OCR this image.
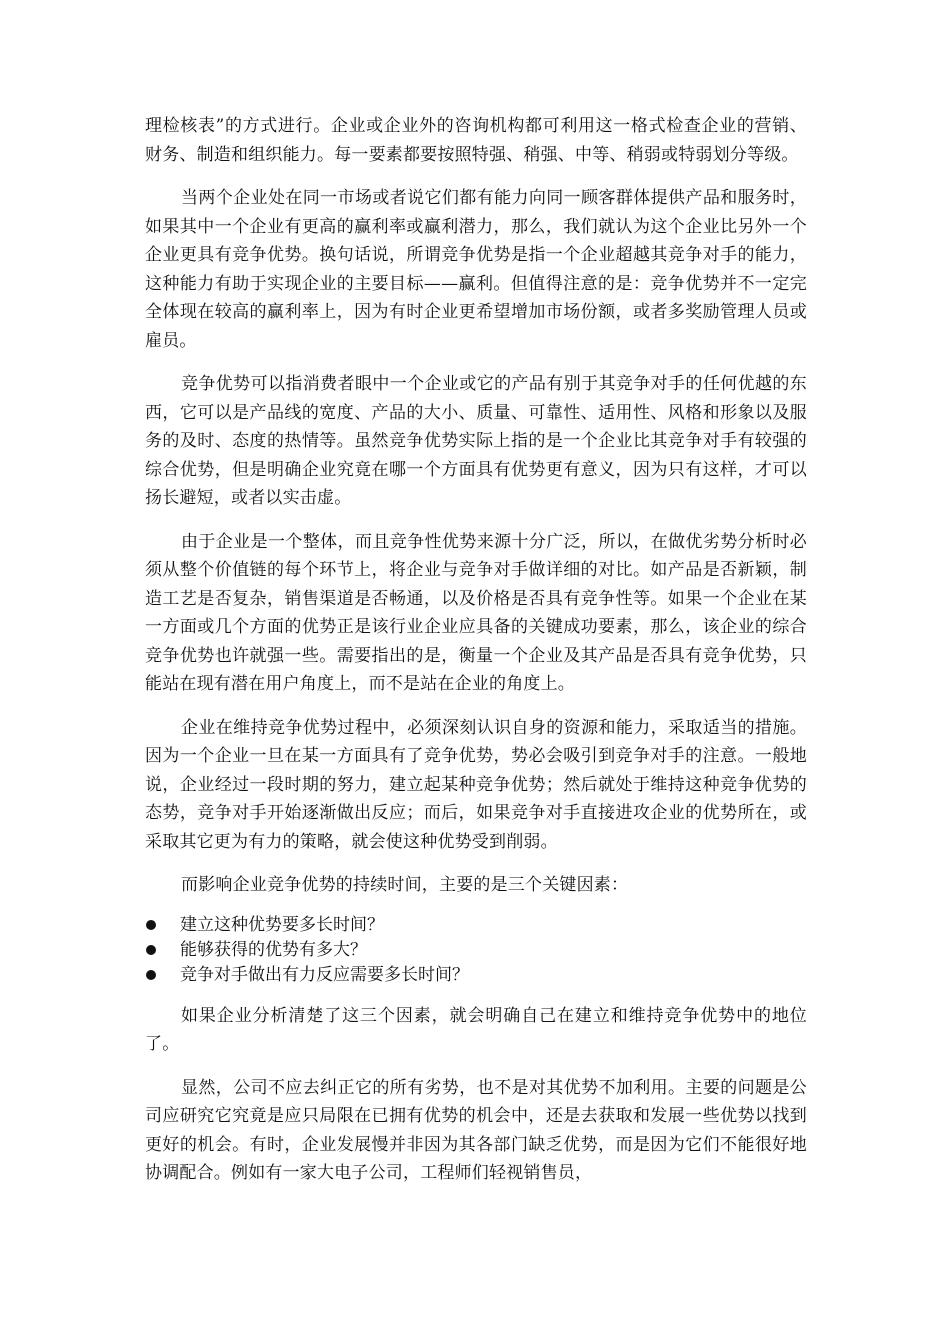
理检核表”的方式进行。企业或企业外的咨询机构都可利用这一格式检查企业的营销、财务、制造和组织能力。每一要素都要按照特强、稍强、中等、稍弱或特弱划分等级。

当两个企业处在同一市场或者说它们都有能力向同一顾客群体提供产品和服务时，如果其中一个企业有更高的赢利率或赢利潜力，那么，我们就认为这个企业比另外一个企业更具有竞争优势。换句话说，所谓竞争优势是指一个企业超越其竞争对手的能力，这种能力有助于实现企业的主要目标——赢利。但值得注意的是：竞争优势并不一定完全体现在较高的赢利率上，因为有时企业更希望增加市场份额，或者多奖励管理人员或雇员。

竞争优势可以指消费者眼中一个企业或它的产品有别于其竞争对手的任何优越的东西，它可以是产品线的宽度、产品的大小、质量、可靠性、适用性、风格和形象以及服务的及时、态度的热情等。虽然竞争优势实际上指的是一个企业比其竞争对手有较强的综合优势，但是明确企业究竟在哪一个方面具有优势更有意义，因为只有这样，才可以扬长避短，或者以实击虚。

由于企业是一个整体，而且竞争性优势来源十分广泛，所以，在做优劣势分析时必须从整个价值链的每个环节上，将企业与竞争对手做详细的对比。如产品是否新颖，制造工艺是否复杂，销售渠道是否畅通，以及价格是否具有竞争性等。如果一个企业在某一方面或几个方面的优势正是该行业企业应具备的关键成功要素，那么，该企业的综合竞争优势也许就强一些。需要指出的是，衡量一个企业及其产品是否具有竞争优势，只能站在现有潜在用户角度上，而不是站在企业的角度上。

企业在维持竞争优势过程中，必须深刻认识自身的资源和能力，采取适当的措施。因为一个企业一旦在某一方面具有了竞争优势，势必会吸引到竞争对手的注意。一般地说，企业经过一段时期的努力，建立起某种竞争优势；然后就处于维持这种竞争优势的态势，竞争对手开始逐渐做出反应；而后，如果竞争对手直接进攻企业的优势所在，或采取其它更为有力的策略，就会使这种优势受到削弱。

而影响企业竞争优势的持续时间，主要的是三个关键因素：

建立这种优势要多长时间？
能够获得的优势有多大？
竞争对手做出有力反应需要多长时间？

如果企业分析清楚了这三个因素，就会明确自己在建立和维持竞争优势中的地位了。

显然，公司不应去纠正它的所有劣势，也不是对其优势不加利用。主要的问题是公司应研究它究竟是应只局限在已拥有优势的机会中，还是去获取和发展一些优势以找到更好的机会。有时，企业发展慢并非因为其各部门缺乏优势，而是因为它们不能很好地协调配合。例如有一家大电子公司，工程师们轻视销售员，
